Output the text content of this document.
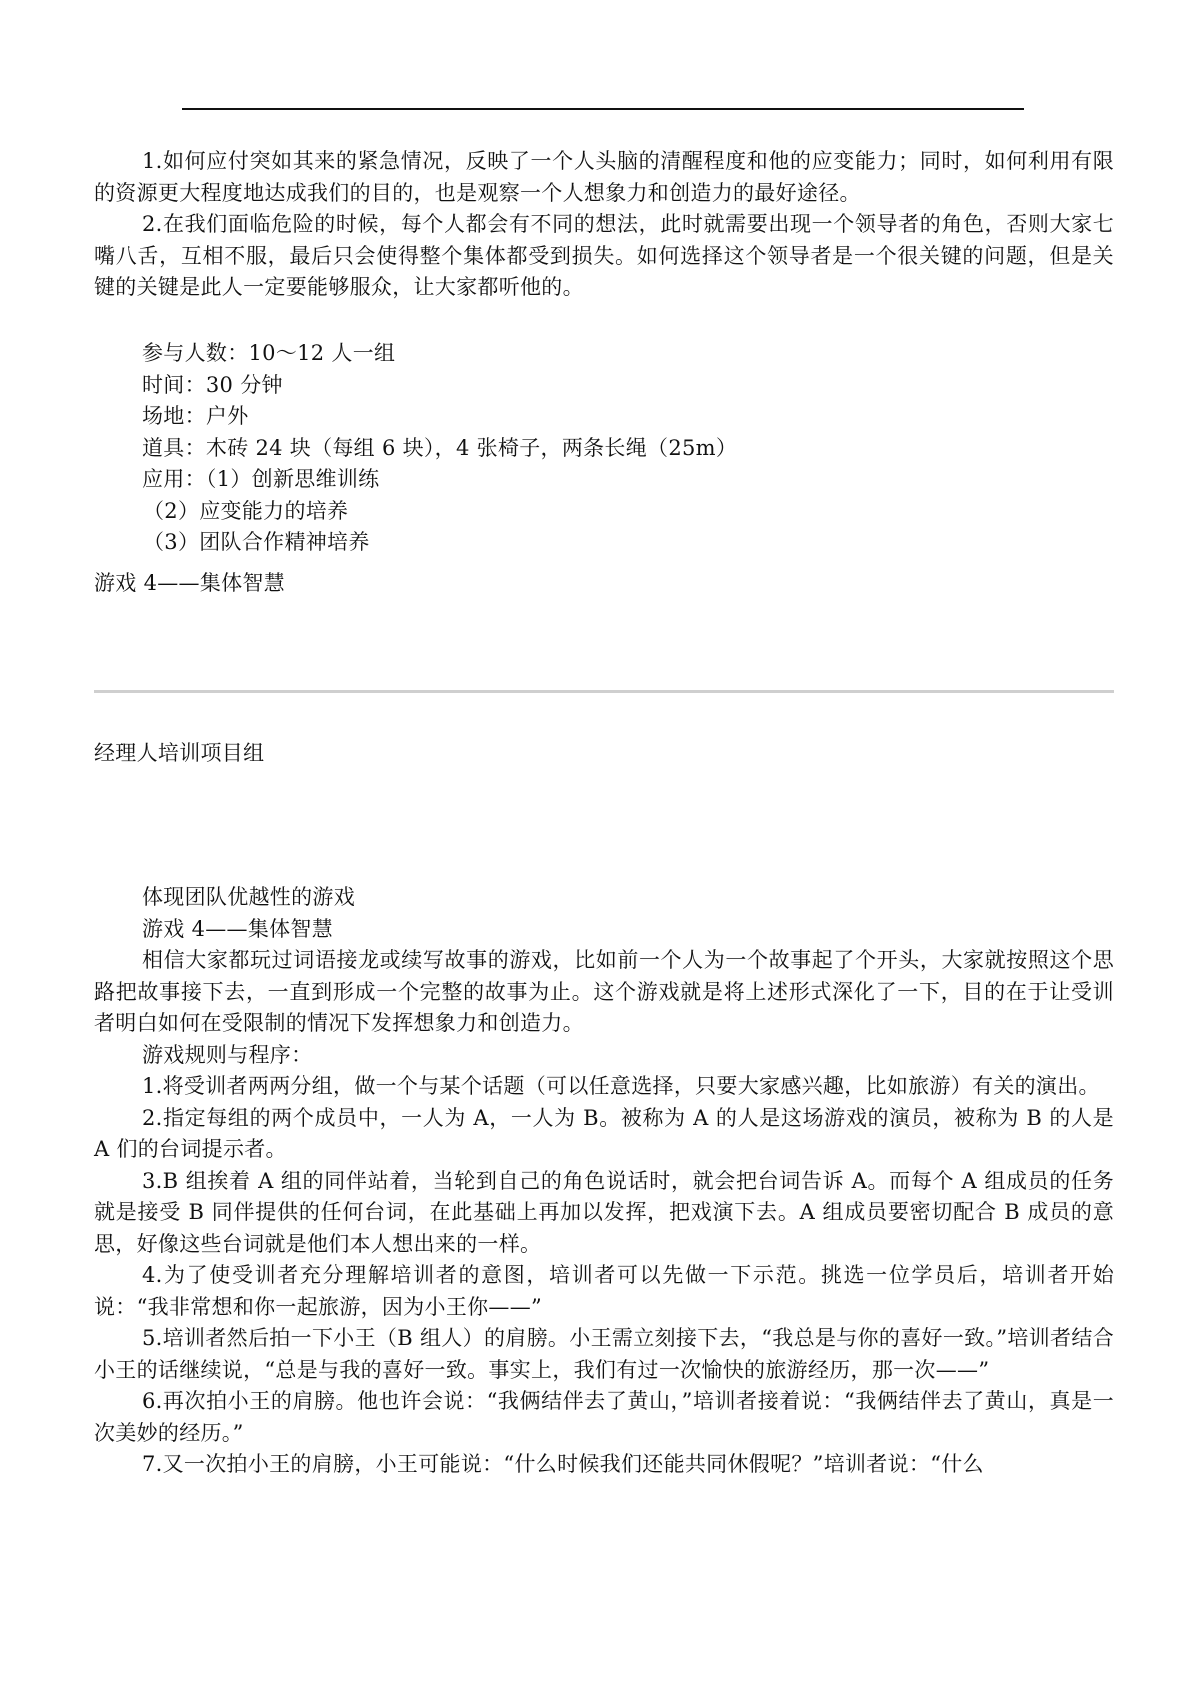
1.如何应付突如其来的紧急情况，反映了一个人头脑的清醒程度和他的应变能力；同时，如何利用有限的资源更大程度地达成我们的目的，也是观察一个人想象力和创造力的最好途径。

2.在我们面临危险的时候，每个人都会有不同的想法，此时就需要出现一个领导者的角色，否则大家七嘴八舌，互相不服，最后只会使得整个集体都受到损失。如何选择这个领导者是一个很关键的问题，但是关键的关键是此人一定要能够服众，让大家都听他的。

参与人数：10～12 人一组

时间：30 分钟

场地：户外

道具：木砖 24 块（每组 6 块），4 张椅子，两条长绳（25m）

应用：（1）创新思维训练

（2）应变能力的培养

（3）团队合作精神培养

游戏 4——集体智慧

经理人培训项目组

体现团队优越性的游戏

游戏 4——集体智慧

相信大家都玩过词语接龙或续写故事的游戏，比如前一个人为一个故事起了个开头，大家就按照这个思路把故事接下去，一直到形成一个完整的故事为止。这个游戏就是将上述形式深化了一下，目的在于让受训者明白如何在受限制的情况下发挥想象力和创造力。

游戏规则与程序：

1.将受训者两两分组，做一个与某个话题（可以任意选择，只要大家感兴趣，比如旅游）有关的演出。

2.指定每组的两个成员中，一人为 A，一人为 B。被称为 A 的人是这场游戏的演员，被称为 B 的人是 A 们的台词提示者。

3.B 组挨着 A 组的同伴站着，当轮到自己的角色说话时，就会把台词告诉 A。而每个 A 组成员的任务就是接受 B 同伴提供的任何台词，在此基础上再加以发挥，把戏演下去。A 组成员要密切配合 B 成员的意思，好像这些台词就是他们本人想出来的一样。

4.为了使受训者充分理解培训者的意图，培训者可以先做一下示范。挑选一位学员后，培训者开始说：“我非常想和你一起旅游，因为小王你——”

5.培训者然后拍一下小王（B 组人）的肩膀。小王需立刻接下去，“我总是与你的喜好一致。”培训者结合小王的话继续说，“总是与我的喜好一致。事实上，我们有过一次愉快的旅游经历，那一次——”

6.再次拍小王的肩膀。他也许会说：“我俩结伴去了黄山，”培训者接着说：“我俩结伴去了黄山，真是一次美妙的经历。”

7.又一次拍小王的肩膀，小王可能说：“什么时候我们还能共同休假呢？”培训者说：“什么
